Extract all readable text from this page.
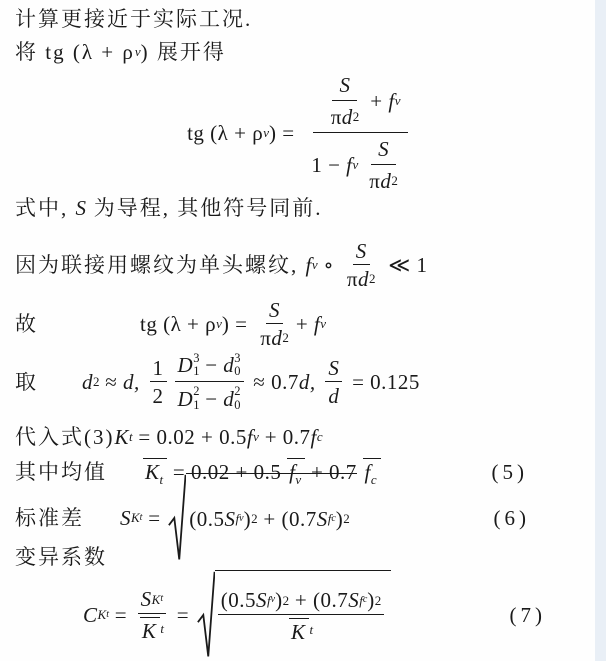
计算更接近于实际工况.
将 tg (λ + ρ v ) 展开得
tg (λ + ρ v ) = $\frac{\frac{S}{\text{π d 2}} + f v}{1 - f v \frac{S}{\text{π d 2}}}$
式中, S 为导程, 其他符号同前.
因为联接用螺纹为单头螺纹, f v ∘ $\frac{S}{\text{π d 2}}$ ≪ 1
故	tg (λ + ρ v ) = $\frac{S}{\text{π d 2}} + f$ v
取 d 2 ≈ d, $\frac{1}{2}$ D 3
1 − d 3
0
D 2
1 − d 2
0 ≈ 0.7 d, $\frac{S}{d} = 0.125$
代入式(3) K t = 0.02 + 0.5 f v + 0.7 f c
其中均值 $K_t = 0.02 + 0.5$ $f_v + 0.7$ $f_c$	(5)
标准差 S K t = (0.5 S f v ) 2 + (0.7 S f c ) 2	(6)
变异系数
C K $t = \frac{\text{S K t}}{\text{K t}} = \frac{\text{(0.5 S f v ) 2 + (0.7 S f c ) 2}}{\text{K t}}$	(7)
